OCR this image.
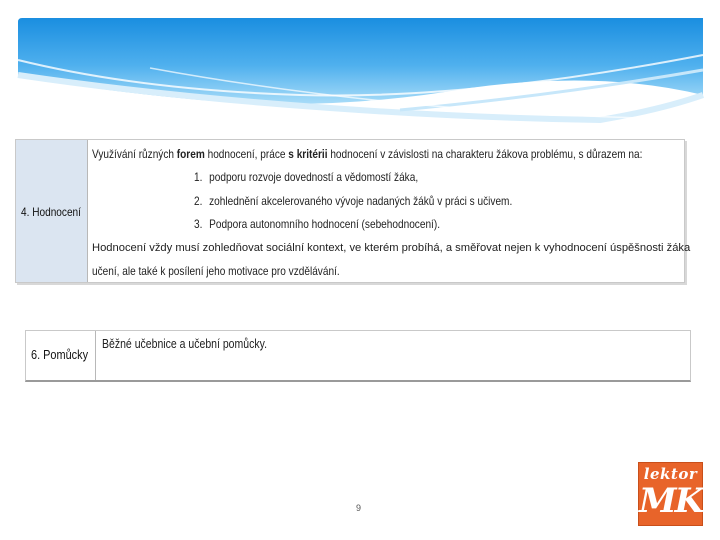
4. Hodnocení
Využívání různých forem hodnocení, práce s kritérii hodnocení v závislosti na charakteru žákova problému, s důrazem na:
1. podporu rozvoje dovedností a vědomostí žáka,
2. zohlednění akcelerovaného vývoje nadaných žáků v práci s učivem.
3. Podpora autonomního hodnocení (sebehodnocení).
Hodnocení vždy musí zohledňovat sociální kontext, ve kterém probíhá, a směřovat nejen k vyhodnocení úspěšnosti žáka
učení, ale také k posílení jeho motivace pro vzdělávání.
6. Pomůcky
Běžné učebnice a učební pomůcky.
9
lektor
MK
